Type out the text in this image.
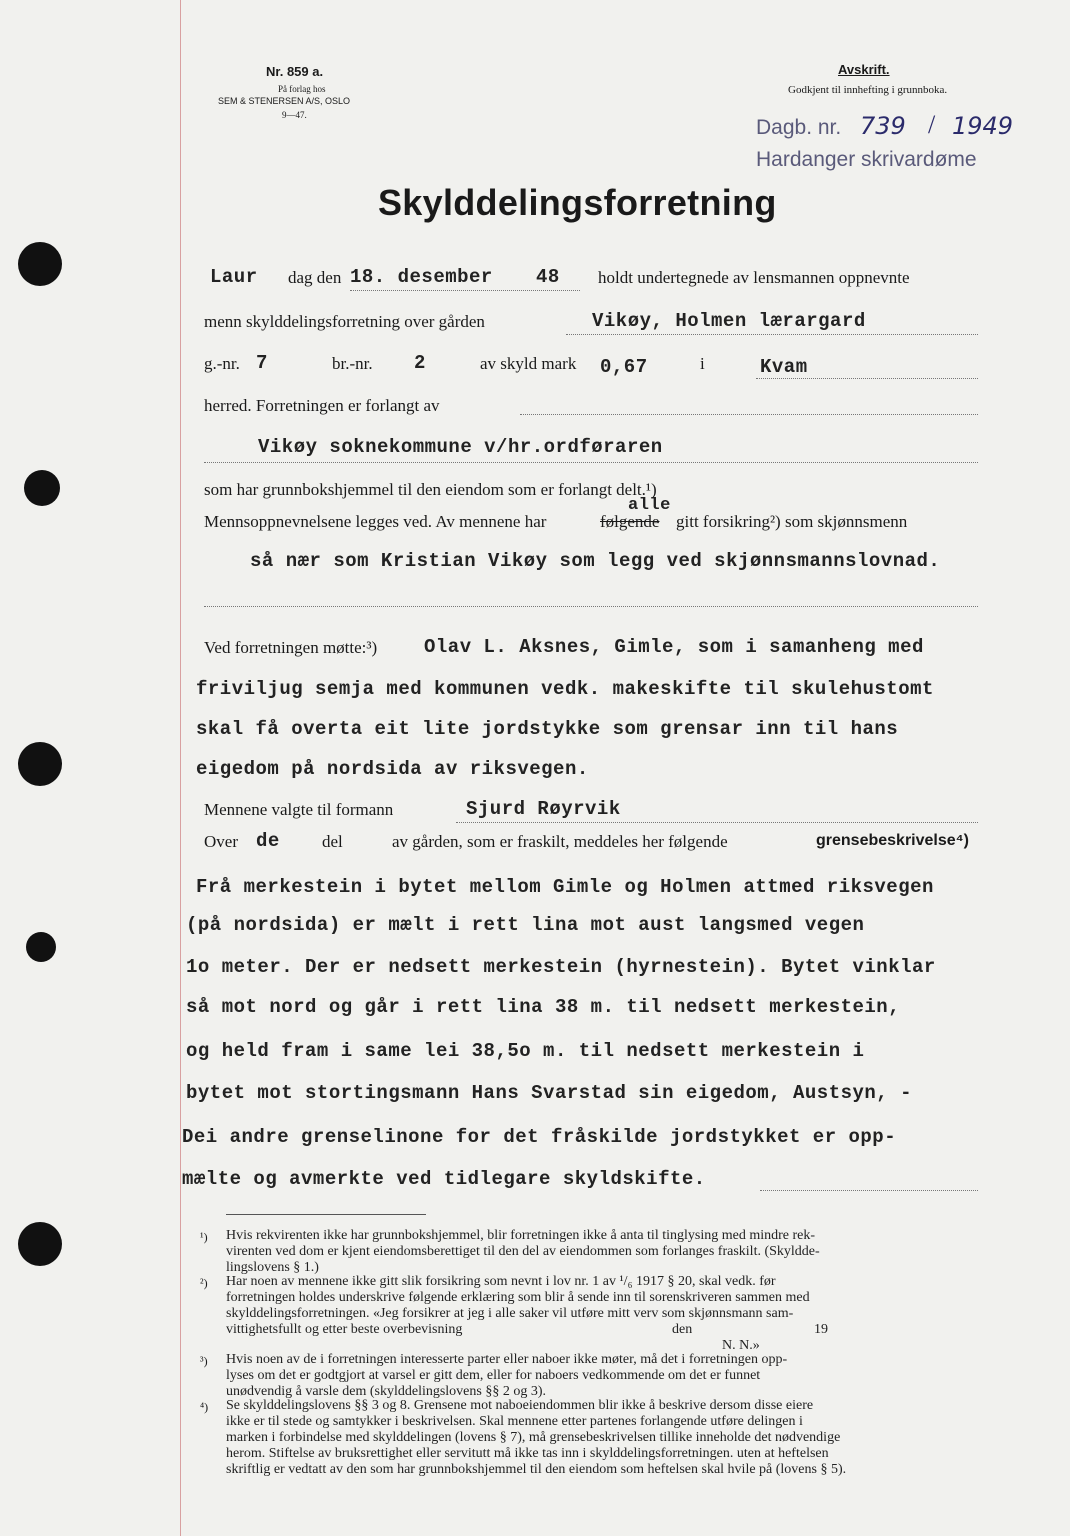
Nr. 859 a.
På forlag hos
SEM & STENERSEN A/S, OSLO
9—47.
Avskrift.
Godkjent til innhefting i grunnboka.
Dagb. nr. 739 / 1949
Hardanger skrivardøme
Skylddelingsforretning
Laur dag den 18. desember 48 holdt undertegnede av lensmannen oppnevnte
menn skylddelingsforretning over gården	Vikøy, Holmen lærargard
g.-nr. 7	br.-nr. 2	av skyld mark 0,67	i	Kvam
herred. Forretningen er forlangt av
Vikøy soknekommune v/hr.ordføraren
som har grunnbokshjemmel til den eiendom som er forlangt delt.¹)
Mennsoppnevnelsene legges ved. Av mennene har	følgende
alle
gitt forsikring²) som skjønnsmenn
så nær som Kristian Vikøy som legg ved skjønnsmannslovnad.
Ved forretningen møtte:³) Olav L. Aksnes, Gimle, som i samanheng med
friviljug semja med kommunen vedk. makeskifte til skulehustomt
skal få overta eit lite jordstykke som grensar inn til hans
eigedom på nordsida av riksvegen.
Mennene valgte til formann	Sjurd Røyrvik
Over de del	av gården, som er fraskilt, meddeles her følgende	grensebeskrivelse⁴)
Frå merkestein i bytet mellom Gimle og Holmen attmed riksvegen
(på nordsida) er mælt i rett lina mot aust langsmed vegen
1o meter. Der er nedsett merkestein (hyrnestein). Bytet vinklar
så mot nord og går i rett lina 38 m. til nedsett merkestein,
og held fram i same lei 38,5o m. til nedsett merkestein i
bytet mot stortingsmann Hans Svarstad sin eigedom, Austsyn, -
Dei andre grenselinone for det fråskilde jordstykket er opp-
mælte og avmerkte ved tidlegare skyldskifte.
¹) Hvis rekvirenten ikke har grunnbokshjemmel, blir forretningen ikke å anta til tinglysing med mindre rek-
virenten ved dom er kjent eiendomsberettiget til den del av eiendommen som forlanges fraskilt. (Skyldde-
lingslovens § 1.)
²) Har noen av mennene ikke gitt slik forsikring som nevnt i lov nr. 1 av ¹/₆ 1917 § 20, skal vedk. før
forretningen holdes underskrive følgende erklæring som blir å sende inn til sorenskriveren sammen med
skylddelingsforretningen. «Jeg forsikrer at jeg i alle saker vil utføre mitt verv som skjønnsmann sam-
vittighetsfullt og etter beste overbevisning	den	19
N. N.»
³) Hvis noen av de i forretningen interesserte parter eller naboer ikke møter, må det i forretningen opp-
lyses om det er godtgjort at varsel er gitt dem, eller for naboers vedkommende om det er funnet
unødvendig å varsle dem (skylddelingslovens §§ 2 og 3).
⁴) Se skylddelingslovens §§ 3 og 8. Grensene mot naboeiendommen blir ikke å beskrive dersom disse eiere
ikke er til stede og samtykker i beskrivelsen. Skal mennene etter partenes forlangende utføre delingen i
marken i forbindelse med skylddelingen (lovens § 7), må grensebeskrivelsen tillike inneholde det nødvendige
herom. Stiftelse av bruksrettighet eller servitutt må ikke tas inn i skylddelingsforretningen. uten at heftelsen
skriftlig er vedtatt av den som har grunnbokshjemmel til den eiendom som heftelsen skal hvile på (lovens § 5).
